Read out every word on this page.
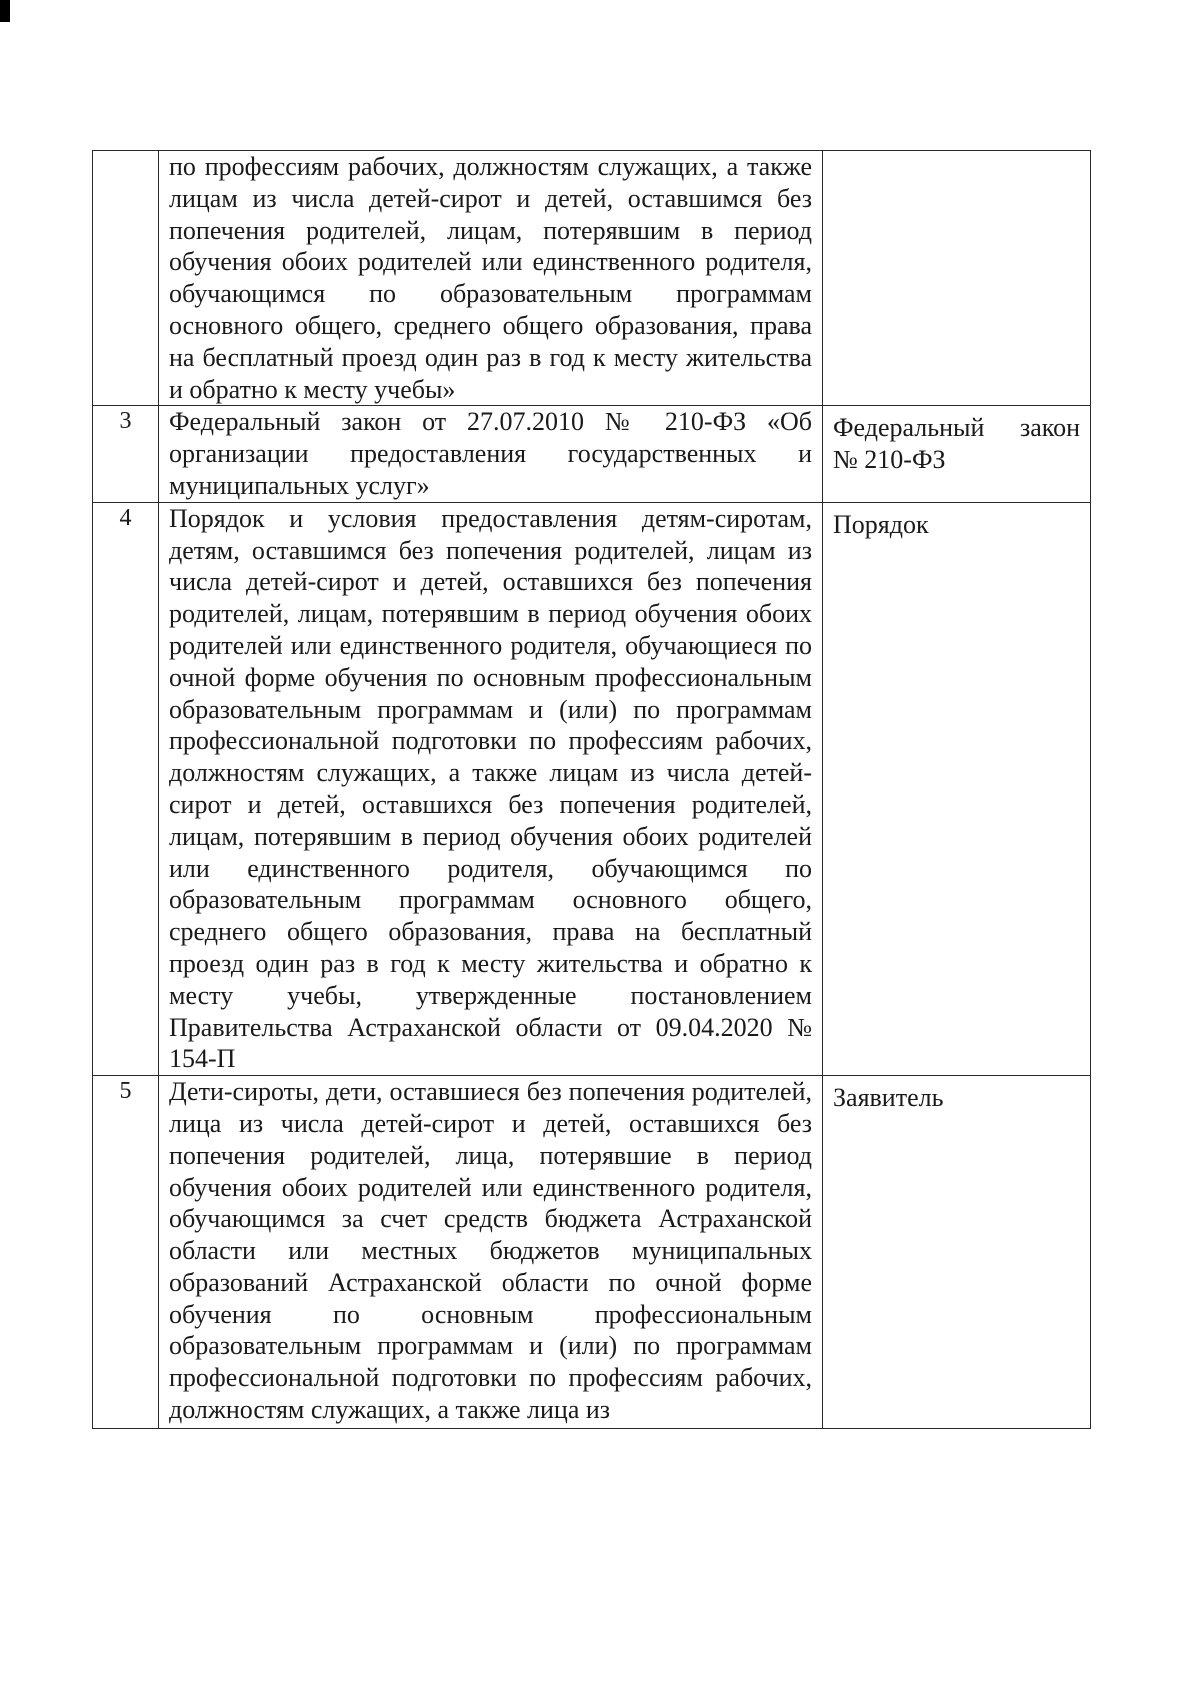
	по профессиям рабочих, должностям служащих, а также лицам из числа детей-сирот и детей, оставшимся без попечения родителей, лицам, потерявшим в период обучения обоих родителей или единственного родителя, обучающимся по образовательным программам основного общего, среднего общего образования, права на бесплатный проезд один раз в год к месту жительства и обратно к месту учебы»	
3	Федеральный закон от 27.07.2010 № 210-ФЗ «Об организации предоставления государственных и муниципальных услуг»	Федеральный закон № 210-ФЗ
4	Порядок и условия предоставления детям-сиротам, детям, оставшимся без попечения родителей, лицам из числа детей-сирот и детей, оставшихся без попечения родителей, лицам, потерявшим в период обучения обоих родителей или единственного родителя, обучающиеся по очной форме обучения по основным профессиональным образовательным программам и (или) по программам профессиональной подготовки по профессиям рабочих, должностям служащих, а также лицам из числа детей-сирот и детей, оставшихся без попечения родителей, лицам, потерявшим в период обучения обоих родителей или единственного родителя, обучающимся по образовательным программам основного общего, среднего общего образования, права на бесплатный проезд один раз в год к месту жительства и обратно к месту учебы, утвержденные постановлением Правительства Астраханской области от 09.04.2020 № 154-П	Порядок
5	Дети-сироты, дети, оставшиеся без попечения родителей, лица из числа детей-сирот и детей, оставшихся без попечения родителей, лица, потерявшие в период обучения обоих родителей или единственного родителя, обучающимся за счет средств бюджета Астраханской области или местных бюджетов муниципальных образований Астраханской области по очной форме обучения по основным профессиональным образовательным программам и (или) по программам профессиональной подготовки по профессиям рабочих, должностям служащих, а также лица из	Заявитель
